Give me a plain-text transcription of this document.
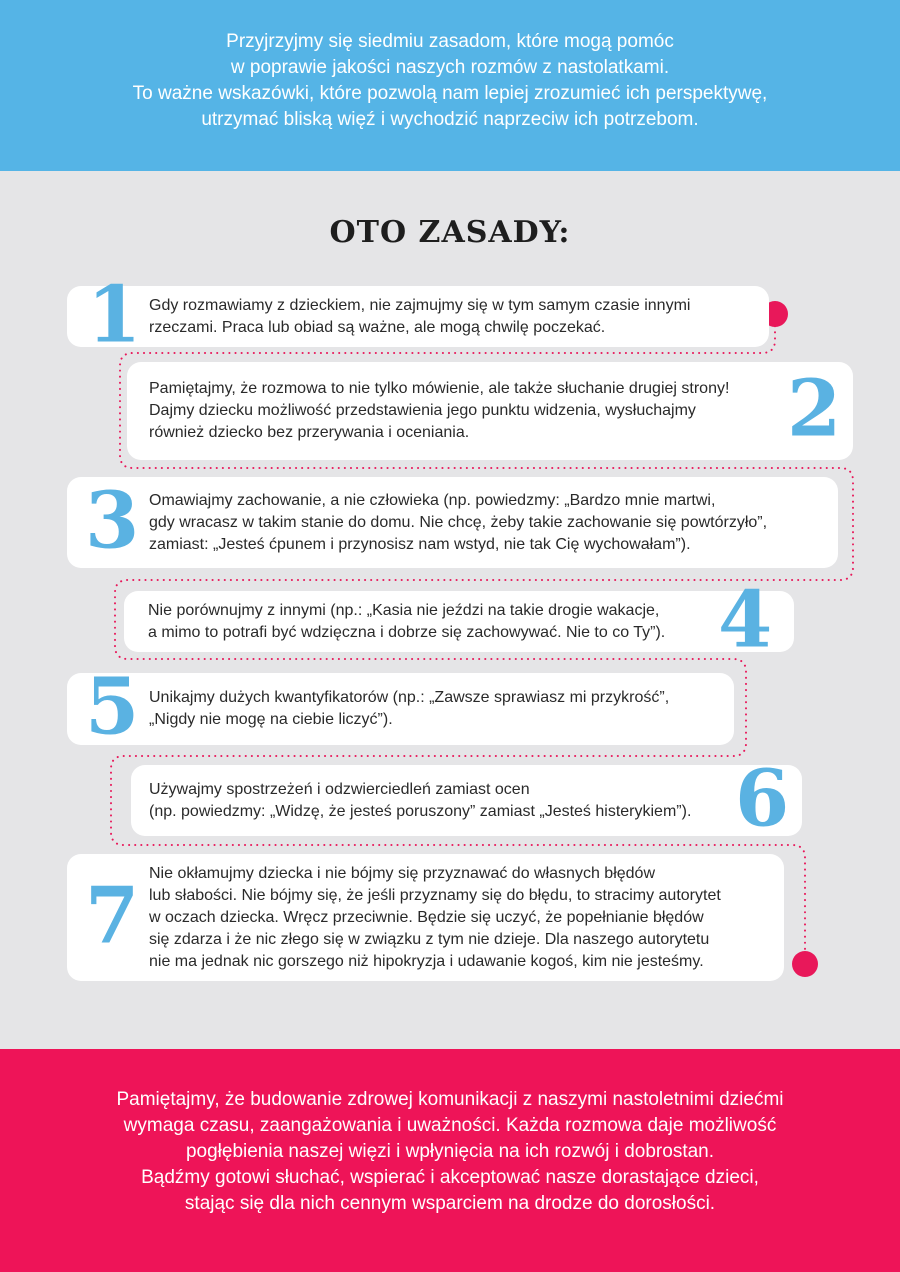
Przyjrzyjmy się siedmiu zasadom, które mogą pomóc
w poprawie jakości naszych rozmów z nastolatkami.
To ważne wskazówki, które pozwolą nam lepiej zrozumieć ich perspektywę,
utrzymać bliską więź i wychodzić naprzeciw ich potrzebom.
OTO ZASADY:
1 Gdy rozmawiamy z dzieckiem, nie zajmujmy się w tym samym czasie innymi
rzeczami. Praca lub obiad są ważne, ale mogą chwilę poczekać.
Pamiętajmy, że rozmowa to nie tylko mówienie, ale także słuchanie drugiej strony!
Dajmy dziecku możliwość przedstawienia jego punktu widzenia, wysłuchajmy
również dziecko bez przerywania i oceniania.	2
3 Omawiajmy zachowanie, a nie człowieka (np. powiedzmy: „Bardzo mnie martwi,
gdy wracasz w takim stanie do domu. Nie chcę, żeby takie zachowanie się powtórzyło”,
zamiast: „Jesteś ćpunem i przynosisz nam wstyd, nie tak Cię wychowałam”).
Nie porównujmy z innymi (np.: „Kasia nie jeździ na takie drogie wakacje,
a mimo to potrafi być wdzięczna i dobrze się zachowywać. Nie to co Ty”). 4
5 Unikajmy dużych kwantyfikatorów (np.: „Zawsze sprawiasz mi przykrość”,
„Nigdy nie mogę na ciebie liczyć”).
Używajmy spostrzeżeń i odzwierciedleń zamiast ocen
(np. powiedzmy: „Widzę, że jesteś poruszony” zamiast „Jesteś histerykiem”). 6
7 Nie okłamujmy dziecka i nie bójmy się przyznawać do własnych błędów
lub słabości. Nie bójmy się, że jeśli przyznamy się do błędu, to stracimy autorytet
w oczach dziecka. Wręcz przeciwnie. Będzie się uczyć, że popełnianie błędów
się zdarza i że nic złego się w związku z tym nie dzieje. Dla naszego autorytetu
nie ma jednak nic gorszego niż hipokryzja i udawanie kogoś, kim nie jesteśmy.
Pamiętajmy, że budowanie zdrowej komunikacji z naszymi nastoletnimi dziećmi
wymaga czasu, zaangażowania i uważności. Każda rozmowa daje możliwość
pogłębienia naszej więzi i wpłynięcia na ich rozwój i dobrostan.
Bądźmy gotowi słuchać, wspierać i akceptować nasze dorastające dzieci,
stając się dla nich cennym wsparciem na drodze do dorosłości.
